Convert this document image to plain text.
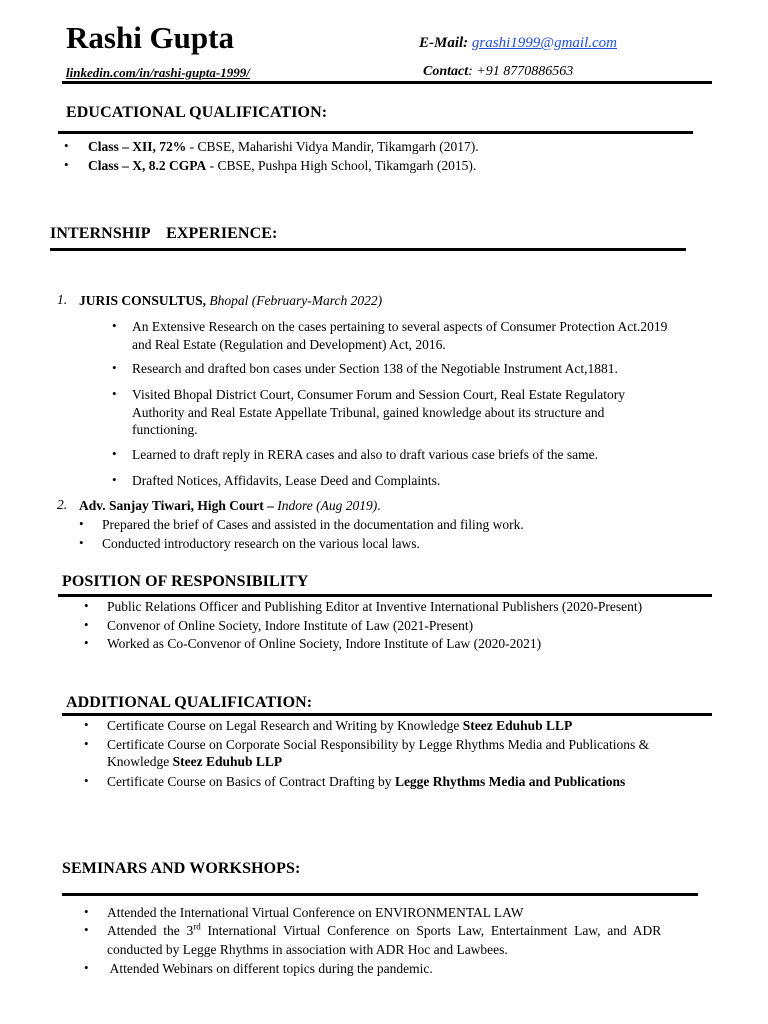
Rashi Gupta	E-Mail: grashi1999@gmail.com
linkedin.com/in/rashi-gupta-1999/	Contact: +91 8770886563
EDUCATIONAL QUALIFICATION:
• Class – XII, 72% - CBSE, Maharishi Vidya Mandir, Tikamgarh (2017).
• Class – X, 8.2 CGPA - CBSE, Pushpa High School, Tikamgarh (2015).
INTERNSHIP    EXPERIENCE:
1. JURIS CONSULTUS, Bhopal (February-March 2022)
• An Extensive Research on the cases pertaining to several aspects of Consumer Protection Act.2019 and Real Estate (Regulation and Development) Act, 2016.
• Research and drafted bon cases under Section 138 of the Negotiable Instrument Act,1881.
• Visited Bhopal District Court, Consumer Forum and Session Court, Real Estate Regulatory Authority and Real Estate Appellate Tribunal, gained knowledge about its structure and functioning.
• Learned to draft reply in RERA cases and also to draft various case briefs of the same.
• Drafted Notices, Affidavits, Lease Deed and Complaints.
2. Adv. Sanjay Tiwari, High Court – Indore (Aug 2019).
• Prepared the brief of Cases and assisted in the documentation and filing work.
• Conducted introductory research on the various local laws.
POSITION OF RESPONSIBILITY
• Public Relations Officer and Publishing Editor at Inventive International Publishers (2020-Present)
• Convenor of Online Society, Indore Institute of Law (2021-Present)
• Worked as Co-Convenor of Online Society, Indore Institute of Law (2020-2021)
ADDITIONAL QUALIFICATION:
• Certificate Course on Legal Research and Writing by Knowledge Steez Eduhub LLP
• Certificate Course on Corporate Social Responsibility by Legge Rhythms Media and Publications &
Knowledge Steez Eduhub LLP
• Certificate Course on Basics of Contract Drafting by Legge Rhythms Media and Publications
SEMINARS AND WORKSHOPS:
• Attended the International Virtual Conference on ENVIRONMENTAL LAW
• Attended  the  3rd  International  Virtual  Conference  on  Sports  Law,  Entertainment  Law,  and  ADR
conducted by Legge Rhythms in association with ADR Hoc and Lawbees.
• Attended Webinars on different topics during the pandemic.
